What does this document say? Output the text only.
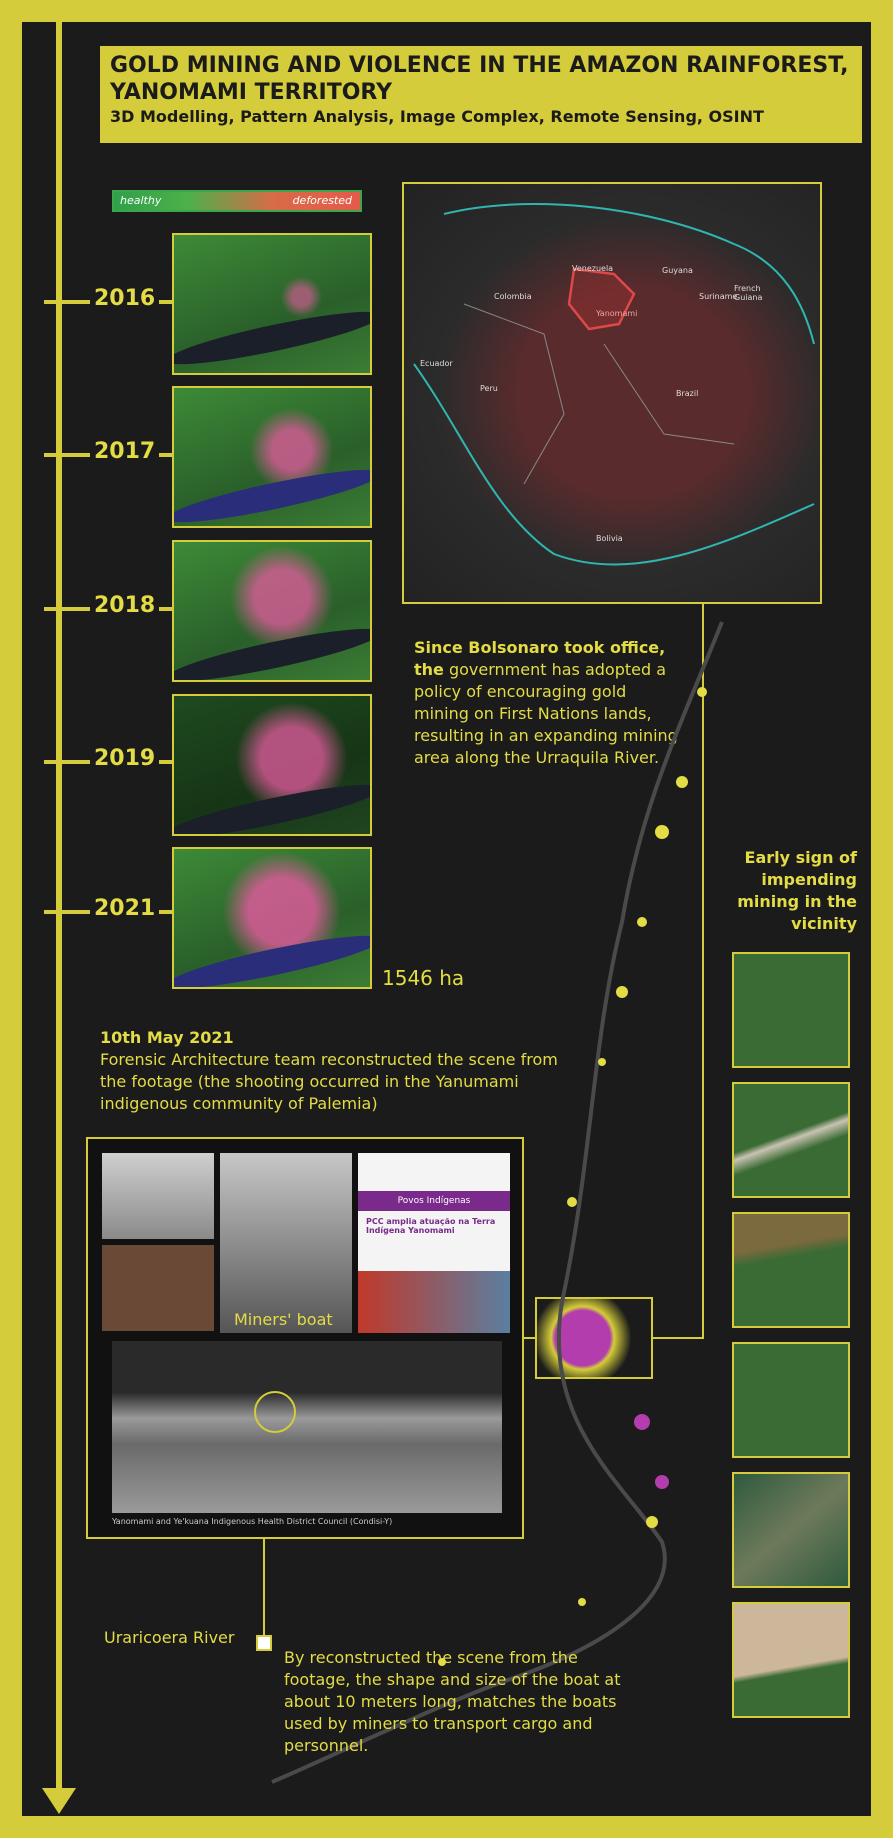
GOLD MINING AND VIOLENCE IN THE AMAZON RAINFOREST,
YANOMAMI TERRITORY
3D Modelling, Pattern Analysis, Image Complex, Remote Sensing, OSINT
healthy	deforested
2016
2017
2018
2019
2021
1546 ha
Venezuela	Guyana
Suriname
French Guiana
Colombia
Yanomami
Ecuador
Peru
Brazil
Bolivia
Since Bolsonaro took office, the government has adopted a policy of encouraging gold mining on First Nations lands, resulting in an expanding mining area along the Urraquila River.
Early sign of impending mining in the vicinity
10th May 2021
Forensic Architecture team reconstructed the scene from the footage (the shooting occurred in the Yanumami indigenous community of Palemia)
Miners' boat
Povos Indígenas
PCC amplia atuação na Terra Indígena Yanomami
Yanomami and Ye'kuana Indigenous Health District Council (Condisi-Y)
Uraricoera River
By reconstructed the scene from the footage, the shape and size of the boat at about 10 meters long, matches the boats used by miners to transport cargo and personnel.
